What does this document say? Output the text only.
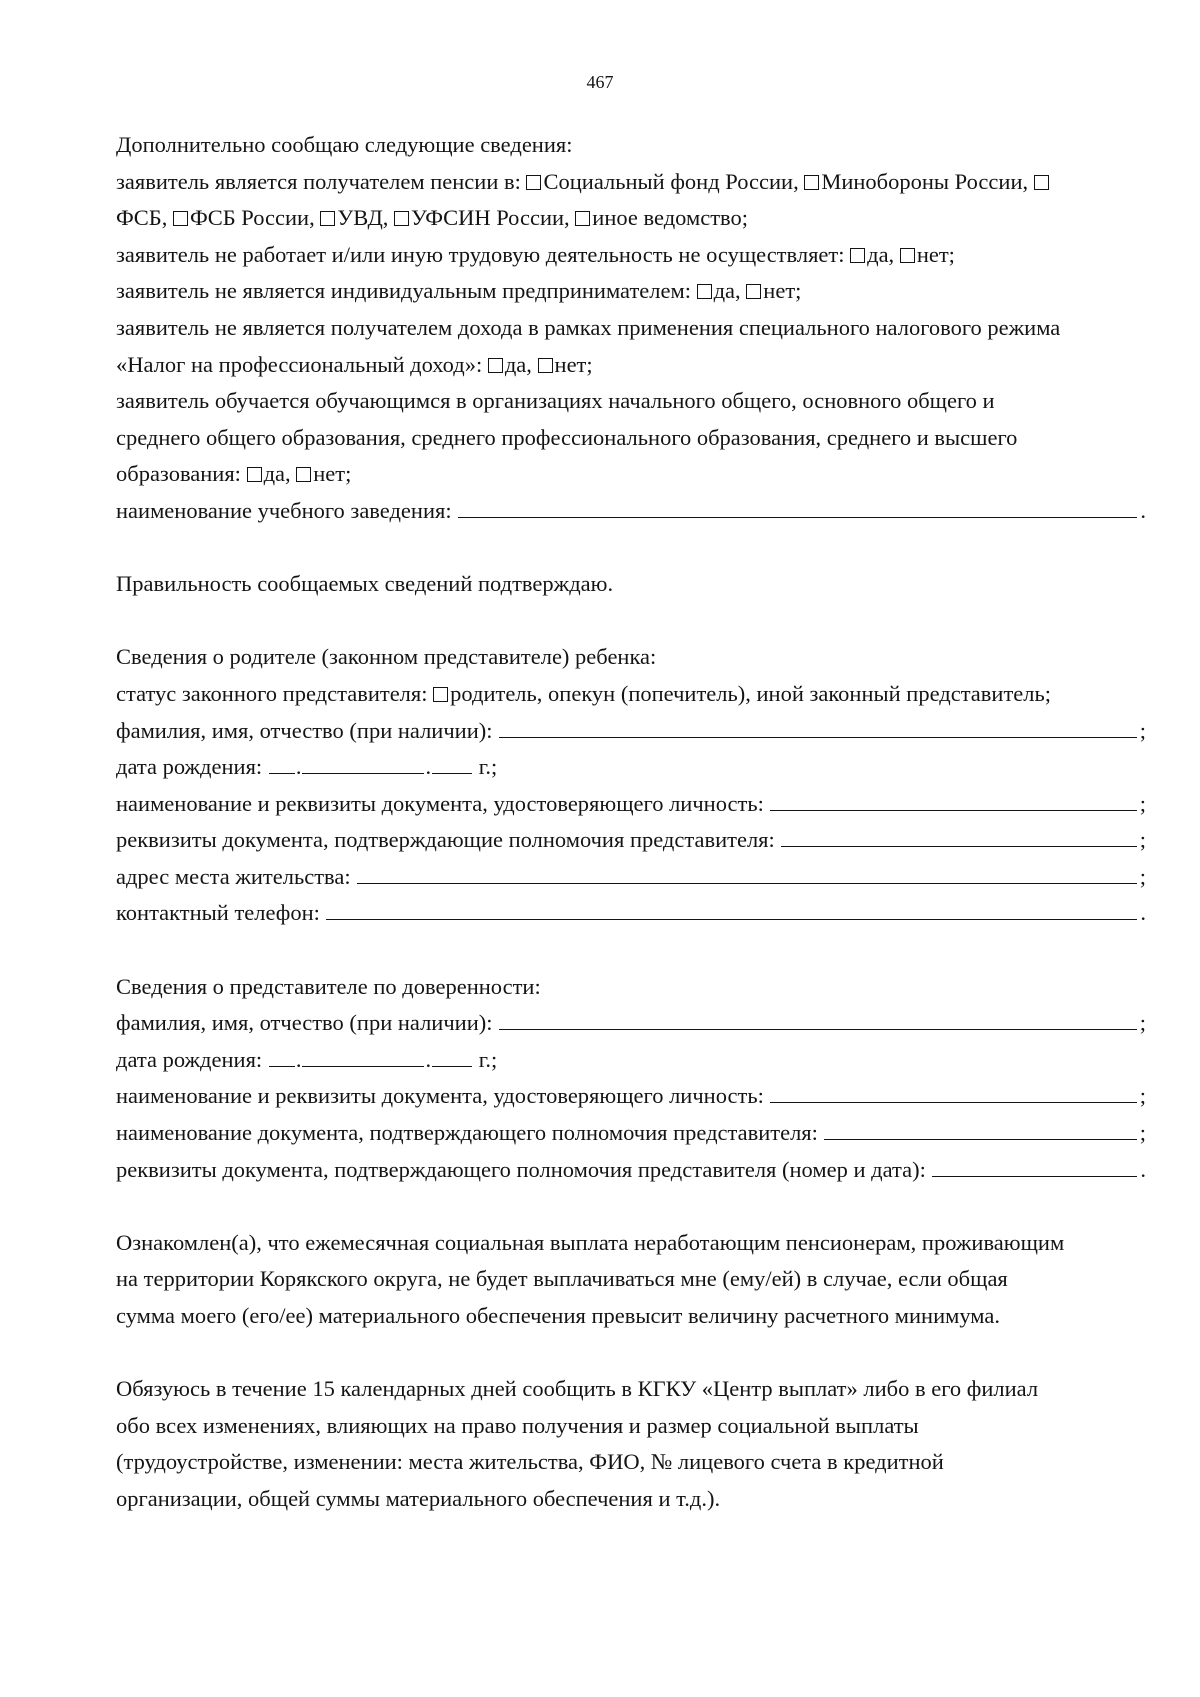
467
Дополнительно сообщаю следующие сведения:
заявитель является получателем пенсии в: Социальный фонд России, Минобороны России,
ФСБ, ФСБ России, УВД, УФСИН России, иное ведомство;
заявитель не работает и/или иную трудовую деятельность не осуществляет: да, нет;
заявитель не является индивидуальным предпринимателем: да, нет;
заявитель не является получателем дохода в рамках применения специального налогового режима
«Налог на профессиональный доход»: да, нет;
заявитель обучается обучающимся в организациях начального общего, основного общего и
среднего общего образования, среднего профессионального образования, среднего и высшего
образования: да, нет;
наименование учебного заведения:	.
Правильность сообщаемых сведений подтверждаю.
Сведения о родителе (законном представителе) ребенка:
статус законного представителя: родитель, опекун (попечитель), иной законный представитель;
фамилия, имя, отчество (при наличии):	;
дата рождения: .	. г.;
наименование и реквизиты документа, удостоверяющего личность:	;
реквизиты документа, подтверждающие полномочия представителя:	;
адрес места жительства:	;
контактный телефон:	.
Сведения о представителе по доверенности:
фамилия, имя, отчество (при наличии):	;
дата рождения: .	. г.;
наименование и реквизиты документа, удостоверяющего личность:	;
наименование документа, подтверждающего полномочия представителя:	;
реквизиты документа, подтверждающего полномочия представителя (номер и дата):	.
Ознакомлен(а), что ежемесячная социальная выплата неработающим пенсионерам, проживающим
на территории Корякского округа, не будет выплачиваться мне (ему/ей) в случае, если общая
сумма моего (его/ее) материального обеспечения превысит величину расчетного минимума.
Обязуюсь в течение 15 календарных дней сообщить в КГКУ «Центр выплат» либо в его филиал
обо всех изменениях, влияющих на право получения и размер социальной выплаты
(трудоустройстве, изменении: места жительства, ФИО, № лицевого счета в кредитной
организации, общей суммы материального обеспечения и т.д.).
